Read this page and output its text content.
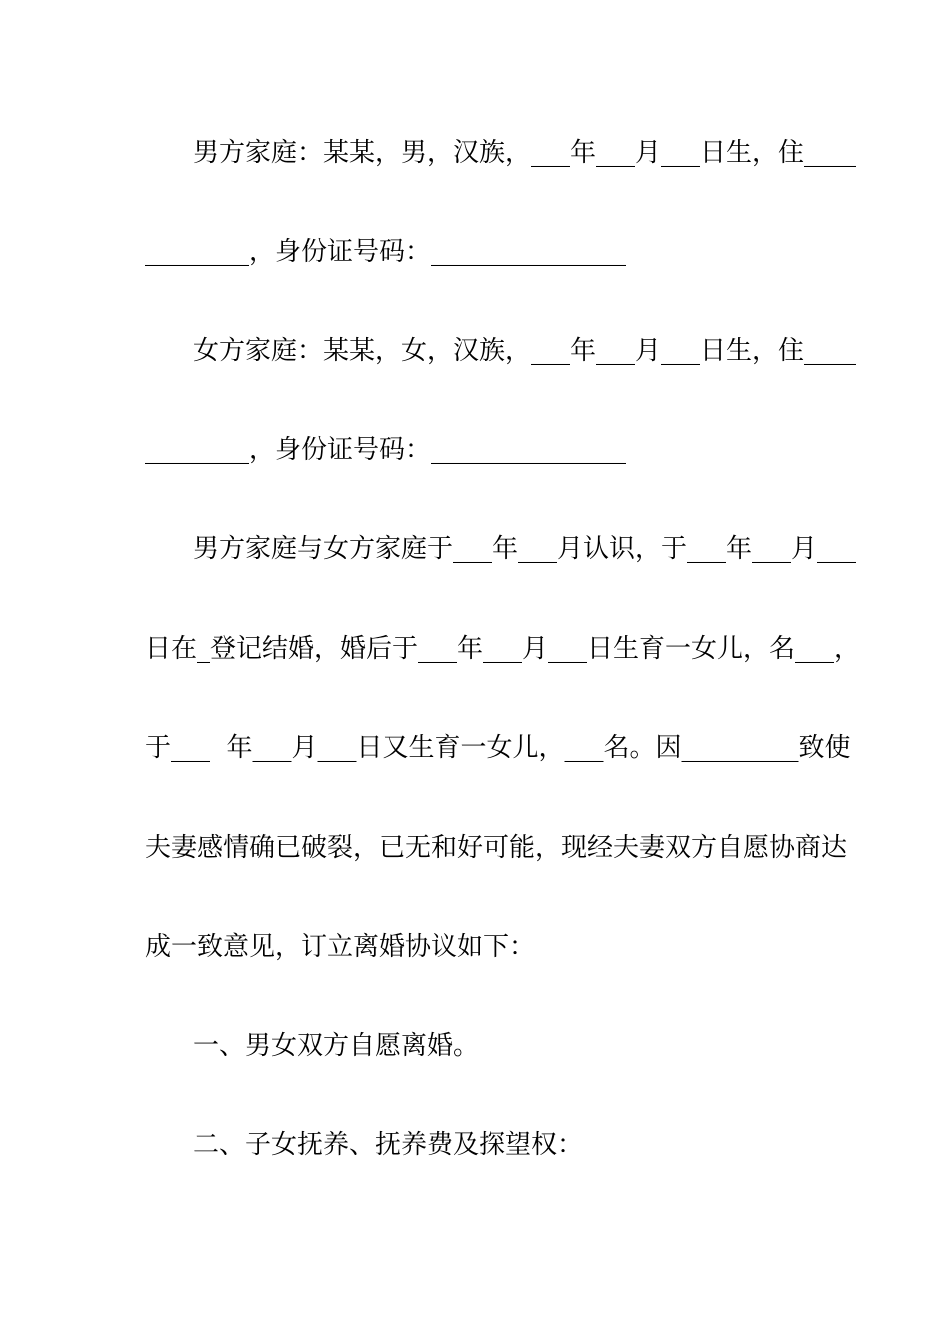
男方家庭：某某，男，汉族，___年___月___日生，住____
________，身份证号码：_______________
女方家庭：某某，女，汉族，___年___月___日生，住____
________，身份证号码：_______________
男方家庭与女方家庭于___年___月认识，于___年___月___
日在_登记结婚，婚后于___年___月___日生育一女儿，名___，
于___  年___月___日又生育一女儿，___名。因_________致使
夫妻感情确已破裂，已无和好可能，现经夫妻双方自愿协商达
成一致意见，订立离婚协议如下：
一、男女双方自愿离婚。
二、子女抚养、抚养费及探望权：
